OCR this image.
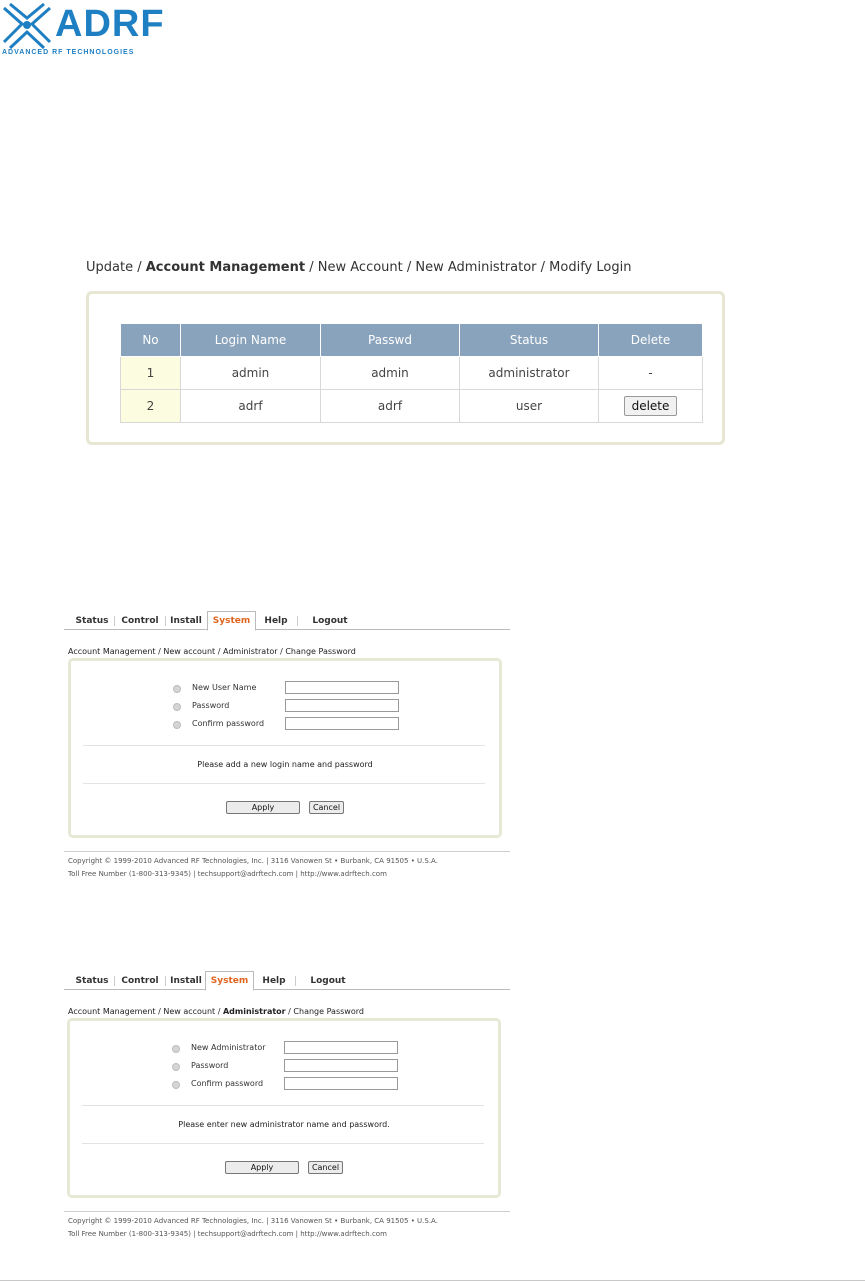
ADRF
ADVANCED RF TECHNOLOGIES
Update / Account Management / New Account / New Administrator / Modify Login
No	Login Name	Passwd	Status	Delete
1	admin	admin	administrator	-
2	adrf	adrf	user	delete
Status	Control	Install	System	Help	Logout
Account Management / New account / Administrator / Change Password
New User Name
Password
Confirm password
Please add a new login name and password
Apply	Cancel
Copyright © 1999-2010 Advanced RF Technologies, Inc. | 3116 Vanowen St • Burbank, CA 91505 • U.S.A.
Toll Free Number (1-800-313-9345) | techsupport@adrftech.com | http://www.adrftech.com
Status	Control	Install System	Help	Logout
Account Management / New account / Administrator / Change Password
New Administrator
Password
Confirm password
Please enter new administrator name and password.
Apply	Cancel
Copyright © 1999-2010 Advanced RF Technologies, Inc. | 3116 Vanowen St • Burbank, CA 91505 • U.S.A.
Toll Free Number (1-800-313-9345) | techsupport@adrftech.com | http://www.adrftech.com
